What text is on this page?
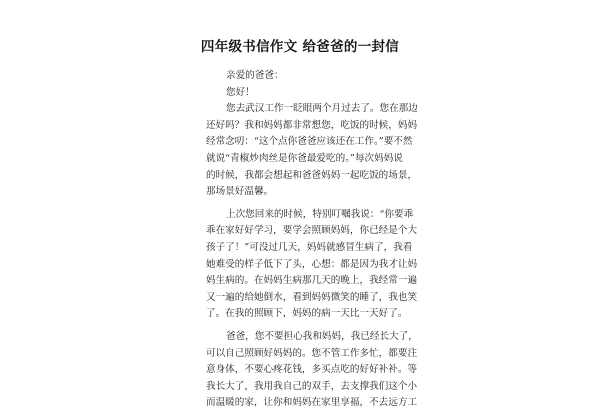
四年级书信作文 给爸爸的一封信
亲爱的爸爸：
您好！
您去武汉工作一眨眼两个月过去了。您在那边
还好吗？我和妈妈都非常想您，吃饭的时候，妈妈
经常念叨：“这个点你爸爸应该还在工作。”要不然
就说“青椒炒肉丝是你爸最爱吃的。”每次妈妈说
的时候，我都会想起和爸爸妈妈一起吃饭的场景，
那场景好温馨。
上次您回来的时候，特别叮嘱我说：“你要乖
乖在家好好学习，要学会照顾妈妈，你已经是个大
孩子了！”可没过几天，妈妈就感冒生病了，我看
她难受的样子低下了头，心想：都是因为我才让妈
妈生病的。在妈妈生病那几天的晚上，我经常一遍
又一遍的给她倒水，看到妈妈微笑的睡了，我也笑
了。在我的照顾下，妈妈的病一天比一天好了。
爸爸，您不要担心我和妈妈，我已经长大了，
可以自己照顾好妈妈的。您不管工作多忙，都要注
意身体，不要心疼花钱，多买点吃的好好补补。等
我长大了，我用我自己的双手，去支撑我们这个小
而温暖的家，让你和妈妈在家里享福，不去远方工
